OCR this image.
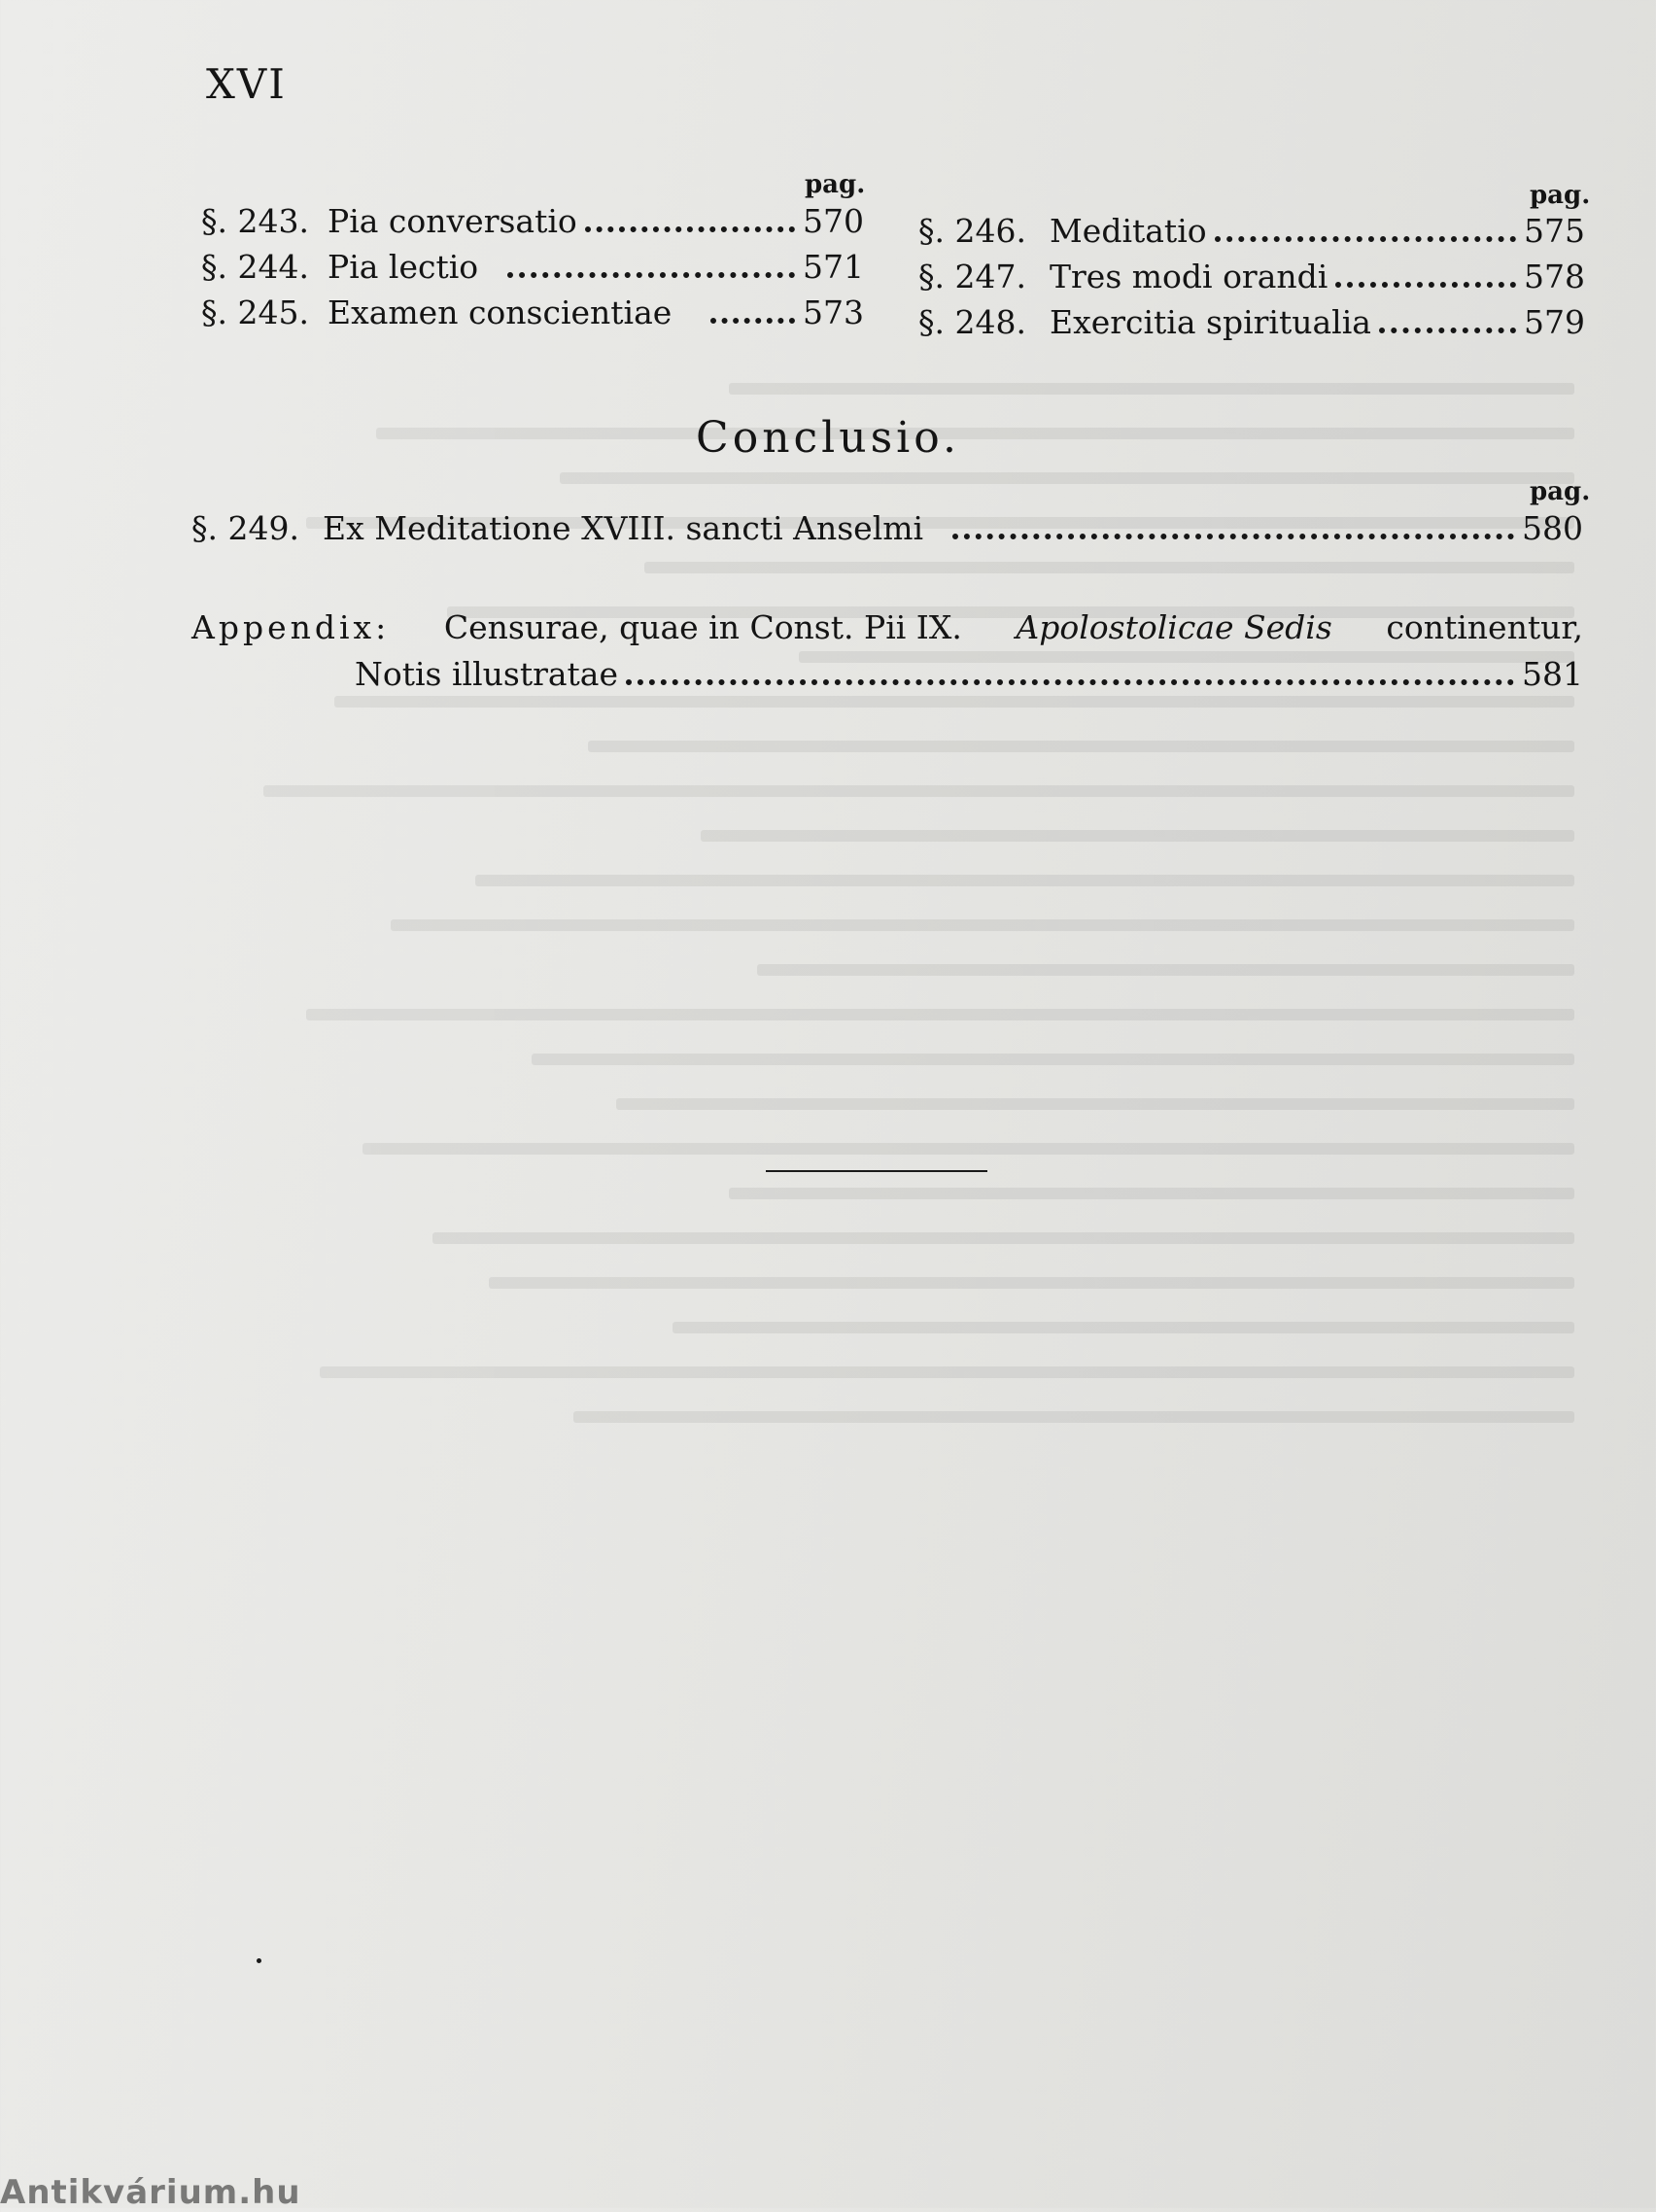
XVI
pag.
§. 243. Pia conversatio	570
§. 244. Pia lectio	571
§. 245. Examen conscientiae	573
pag.
§. 246. Meditatio	575
§. 247. Tres modi orandi	578
§. 248. Exercitia spiritualia	579
Conclusio.
pag.
§. 249. Ex Meditatione XVIII. sancti Anselmi	580
Appendix: Censurae, quae in Const. Pii IX. Apolostolicae Sedis continentur,
Notis illustratae	581
Antikvárium.hu
